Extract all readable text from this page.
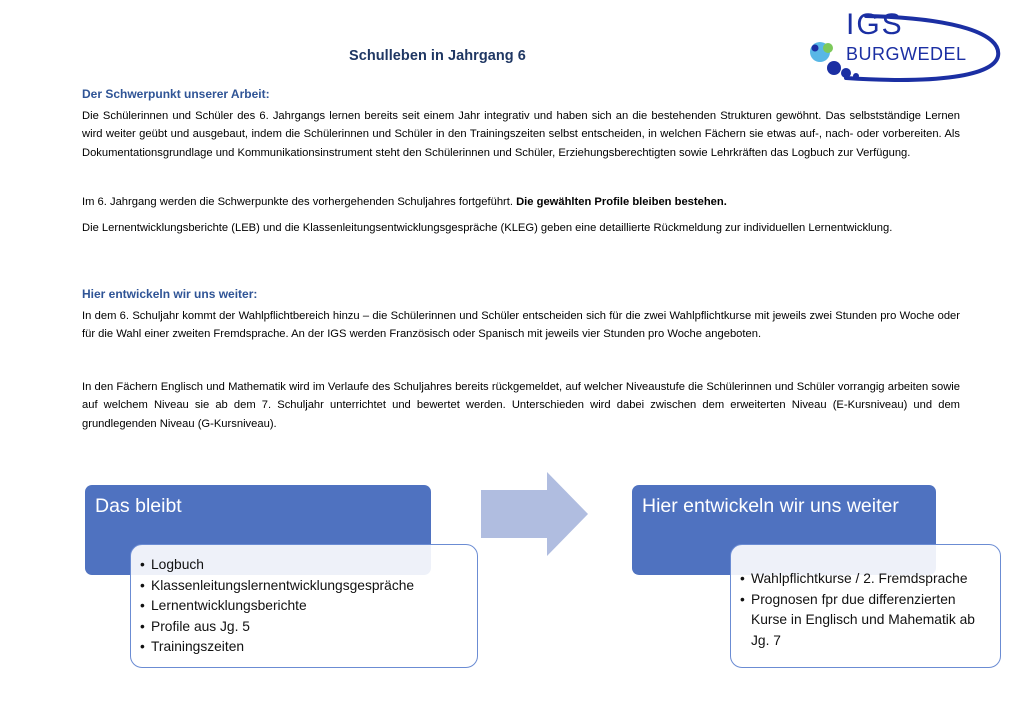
IGS
BURGWEDEL
Schulleben in Jahrgang 6
Der Schwerpunkt unserer Arbeit:
Die Schülerinnen und Schüler des 6. Jahrgangs lernen bereits seit einem Jahr integrativ und haben sich an die bestehenden Strukturen gewöhnt. Das selbstständige Lernen wird weiter geübt und ausgebaut, indem die Schülerinnen und Schüler in den Trainingszeiten selbst entscheiden, in welchen Fächern sie etwas auf-, nach- oder vorbereiten. Als Dokumentationsgrundlage und Kommunikationsinstrument steht den Schülerinnen und Schüler, Erziehungsberechtigten sowie Lehrkräften das Logbuch zur Verfügung.
Im 6. Jahrgang werden die Schwerpunkte des vorhergehenden Schuljahres fortgeführt. Die gewählten Profile bleiben bestehen.
Die Lernentwicklungsberichte (LEB) und die Klassenleitungsentwicklungsgespräche (KLEG) geben eine detaillierte Rückmeldung zur individuellen Lernentwicklung.
Hier entwickeln wir uns weiter:
In dem 6. Schuljahr kommt der Wahlpflichtbereich hinzu – die Schülerinnen und Schüler entscheiden sich für die zwei Wahlpflichtkurse mit jeweils zwei Stunden pro Woche oder für die Wahl einer zweiten Fremdsprache. An der IGS werden Französisch oder Spanisch mit jeweils vier Stunden pro Woche angeboten.
In den Fächern Englisch und Mathematik wird im Verlaufe des Schuljahres bereits rückgemeldet, auf welcher Niveaustufe die Schülerinnen und Schüler vorrangig arbeiten sowie auf welchem Niveau sie ab dem 7. Schuljahr unterrichtet und bewertet werden. Unterschieden wird dabei zwischen dem erweiterten Niveau (E-Kursniveau) und dem grundlegenden Niveau (G-Kursniveau).
Das bleibt
• Logbuch
• Klassenleitungslernentwicklungsgespräche
• Lernentwicklungsberichte
• Profile aus Jg. 5
• Trainingszeiten
Hier entwickeln wir uns weiter
• Wahlpflichtkurse / 2. Fremdsprache
• Prognosen fpr due differenzierten Kurse in Englisch und Mahematik ab Jg. 7
